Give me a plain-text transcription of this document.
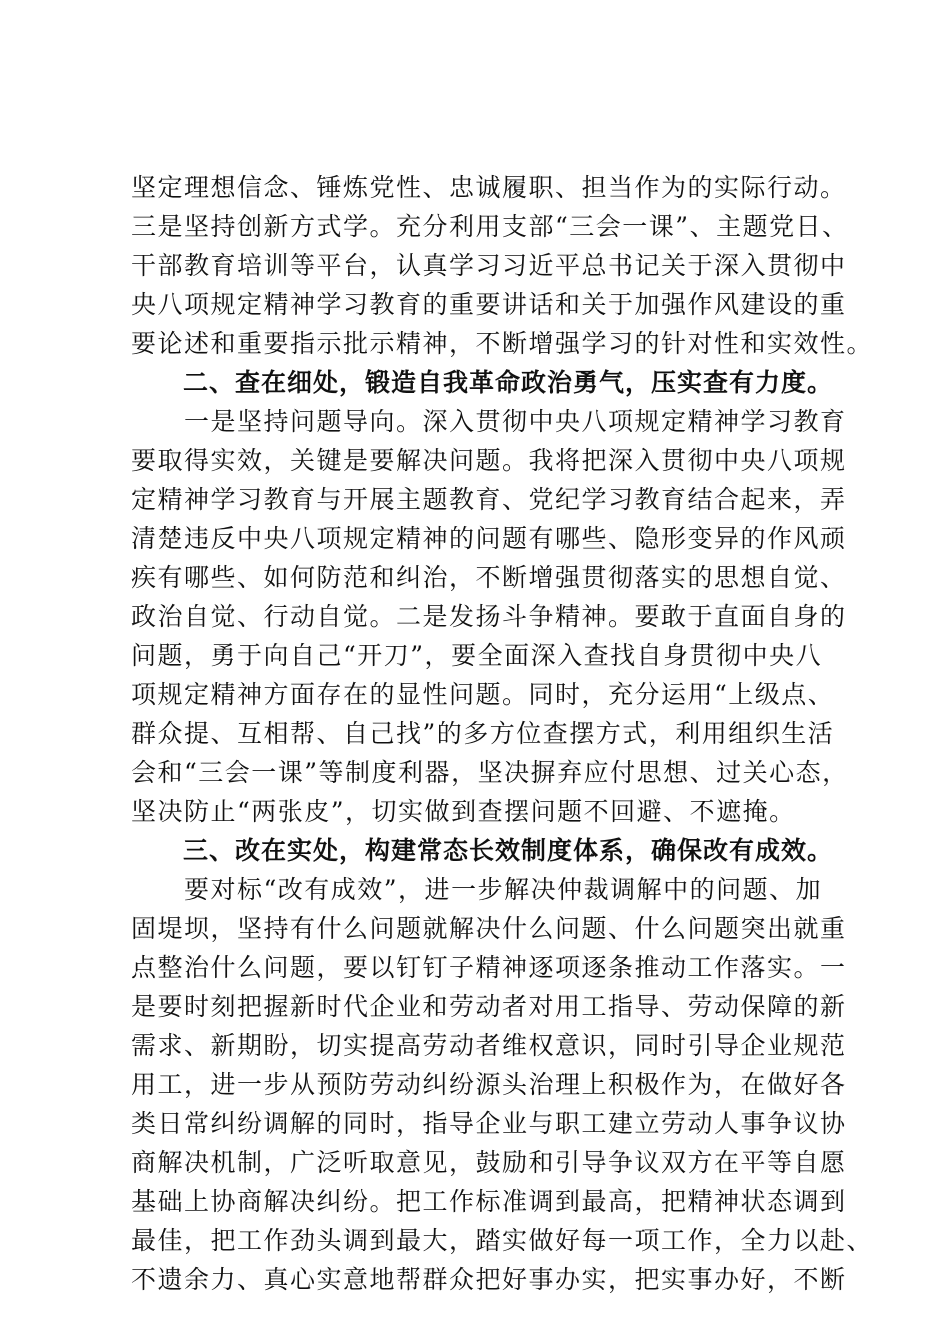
坚定理想信念、锤炼党性、忠诚履职、担当作为的实际行动。
三是坚持创新方式学。充分利用支部“三会一课”、主题党日、
干部教育培训等平台，认真学习习近平总书记关于深入贯彻中
央八项规定精神学习教育的重要讲话和关于加强作风建设的重
要论述和重要指示批示精神，不断增强学习的针对性和实效性。
　　二、查在细处，锻造自我革命政治勇气，压实查有力度。
　　一是坚持问题导向。深入贯彻中央八项规定精神学习教育
要取得实效，关键是要解决问题。我将把深入贯彻中央八项规
定精神学习教育与开展主题教育、党纪学习教育结合起来，弄
清楚违反中央八项规定精神的问题有哪些、隐形变异的作风顽
疾有哪些、如何防范和纠治，不断增强贯彻落实的思想自觉、
政治自觉、行动自觉。二是发扬斗争精神。要敢于直面自身的
问题，勇于向自己“开刀”，要全面深入查找自身贯彻中央八
项规定精神方面存在的显性问题。同时，充分运用“上级点、
群众提、互相帮、自己找”的多方位查摆方式，利用组织生活
会和“三会一课”等制度利器，坚决摒弃应付思想、过关心态，
坚决防止“两张皮”，切实做到查摆问题不回避、不遮掩。
　　三、改在实处，构建常态长效制度体系，确保改有成效。
　　要对标“改有成效”，进一步解决仲裁调解中的问题、加
固堤坝，坚持有什么问题就解决什么问题、什么问题突出就重
点整治什么问题，要以钉钉子精神逐项逐条推动工作落实。一
是要时刻把握新时代企业和劳动者对用工指导、劳动保障的新
需求、新期盼，切实提高劳动者维权意识，同时引导企业规范
用工，进一步从预防劳动纠纷源头治理上积极作为，在做好各
类日常纠纷调解的同时，指导企业与职工建立劳动人事争议协
商解决机制，广泛听取意见，鼓励和引导争议双方在平等自愿
基础上协商解决纠纷。把工作标准调到最高，把精神状态调到
最佳，把工作劲头调到最大，踏实做好每一项工作，全力以赴、
不遗余力、真心实意地帮群众把好事办实，把实事办好，不断
